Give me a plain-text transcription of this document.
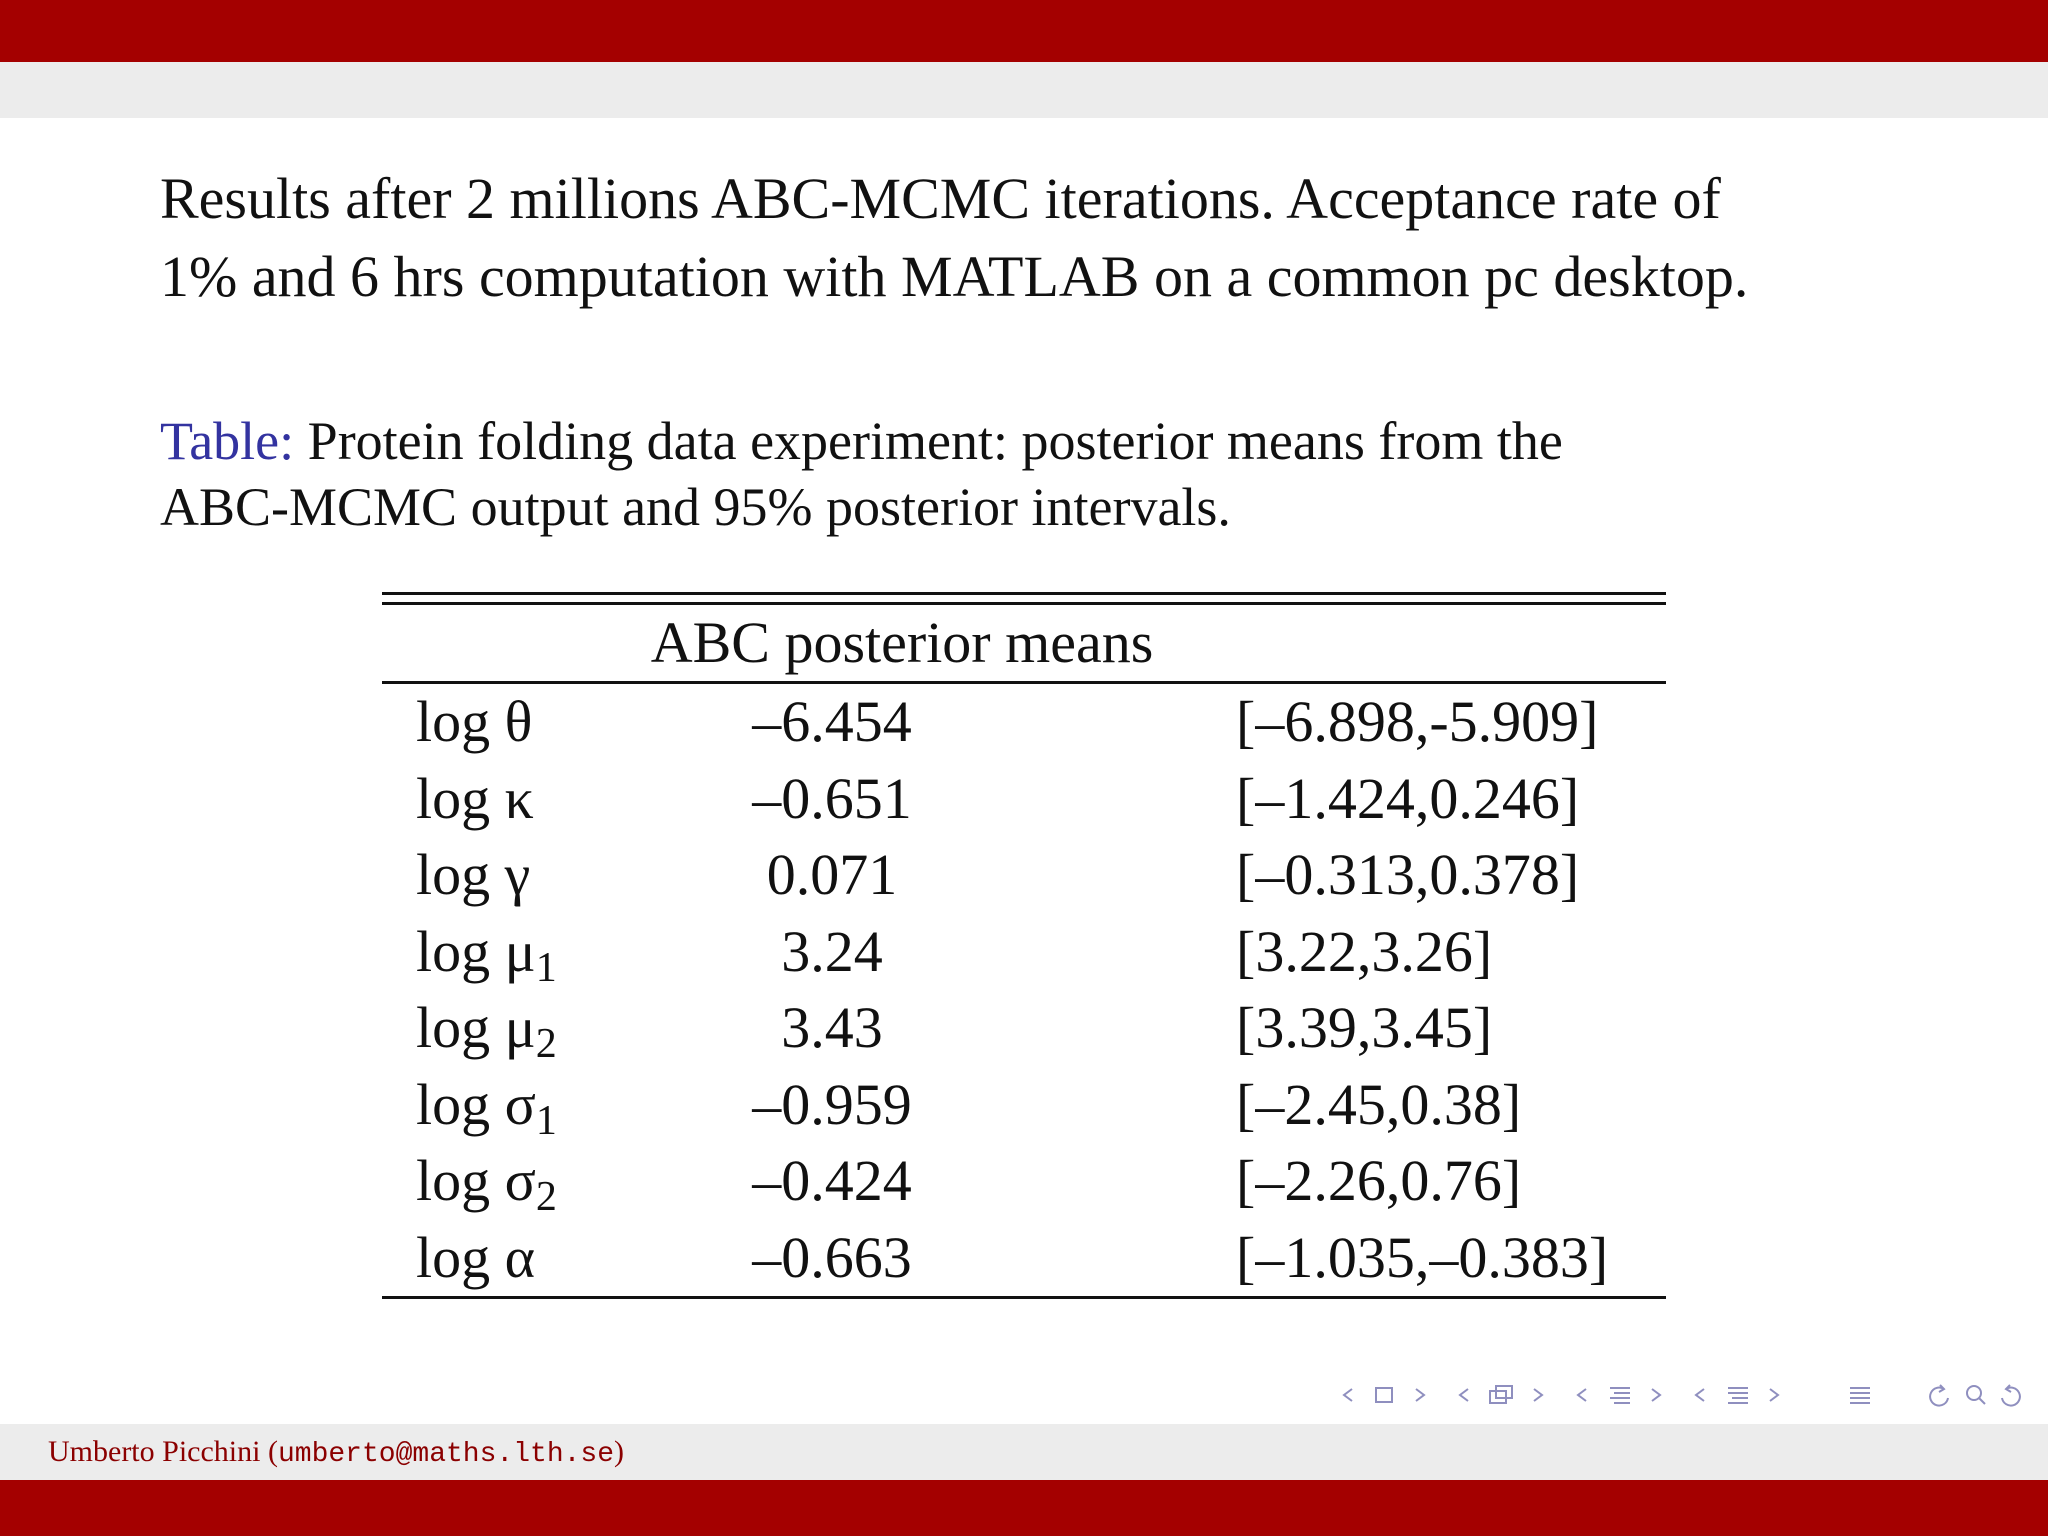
Results after 2 millions ABC-MCMC iterations. Acceptance rate of
1% and 6 hrs computation with MATLAB on a common pc desktop.
Table: Protein folding data experiment: posterior means from the
ABC-MCMC output and 95% posterior intervals.
ABC posterior means
log θ	–6.454	[–6.898,-5.909]
log κ	–0.651	[–1.424,0.246]
log γ	0.071	[–0.313,0.378]
log μ1	3.24	[3.22,3.26]
log μ2	3.43	[3.39,3.45]
log σ1	–0.959	[–2.45,0.38]
log σ2	–0.424	[–2.26,0.76]
log α	–0.663	[–1.035,–0.383]
Umberto Picchini (umberto@maths.lth.se)
